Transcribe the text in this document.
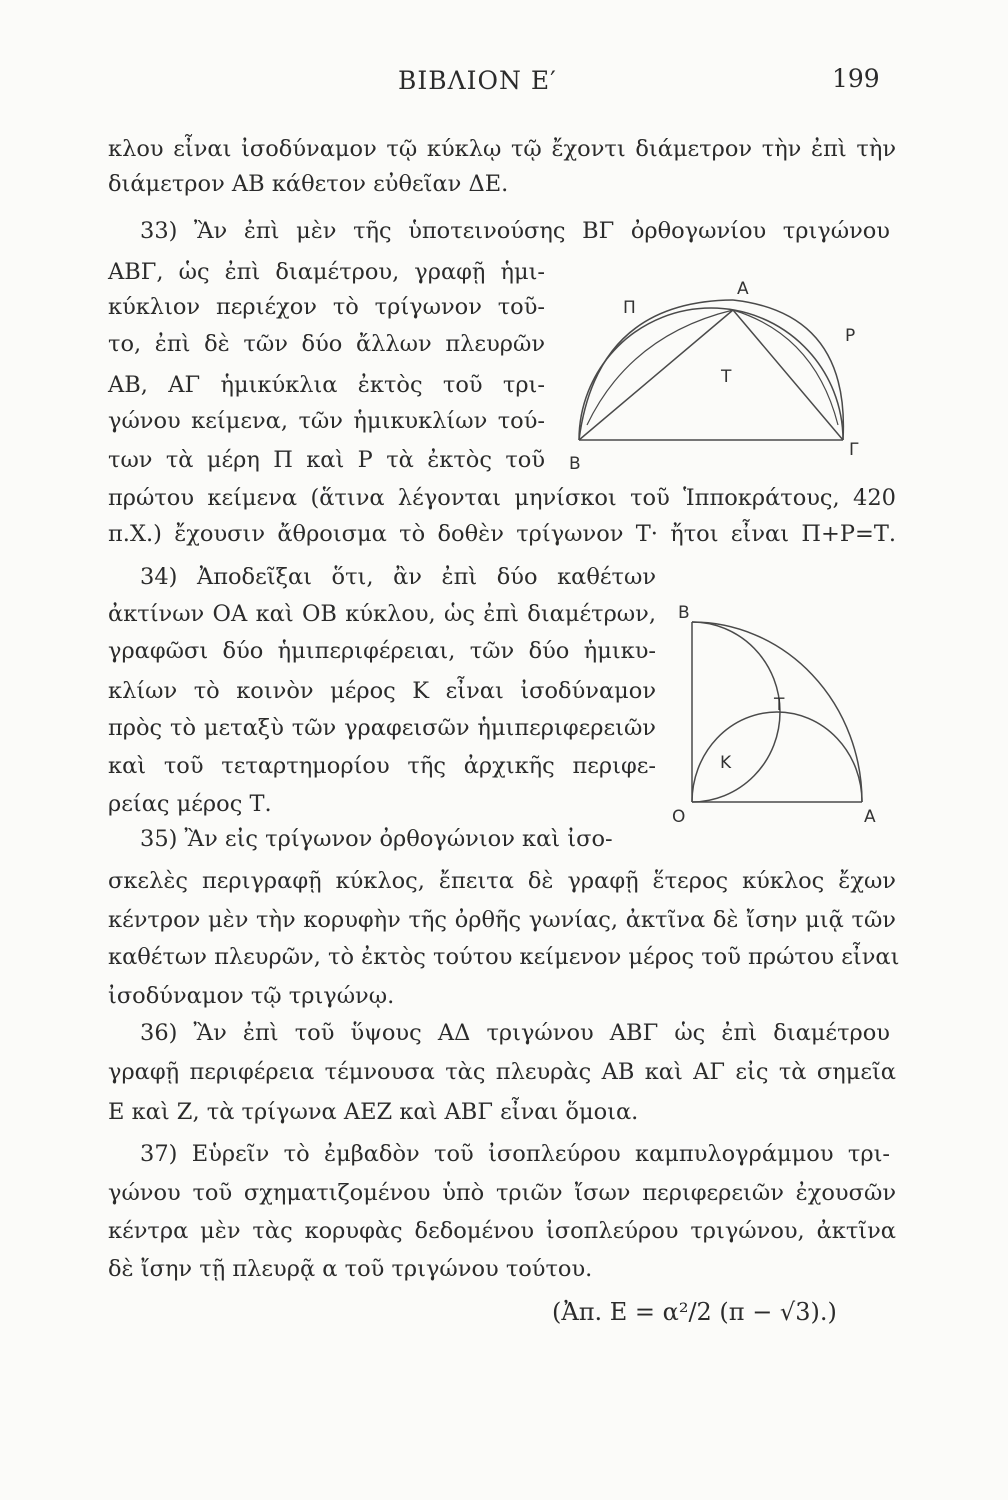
ΒΙΒΛΙΟΝ Ε′	199
κλου εἶναι ἰσοδύναμον τῷ κύκλῳ τῷ ἔχοντι διάμετρον τὴν ἐπὶ τὴν
διάμετρον ΑΒ κάθετον εὐθεῖαν ΔΕ.
33) Ἂν ἐπὶ μὲν τῆς ὑποτεινούσης ΒΓ ὀρθογωνίου τριγώνου
ΑΒΓ, ὡς ἐπὶ διαμέτρου, γραφῇ ἡμι-
κύκλιον περιέχον τὸ τρίγωνον τοῦ-
το, ἐπὶ δὲ τῶν δύο ἄλλων πλευρῶν
ΑΒ, ΑΓ ἡμικύκλια ἐκτὸς τοῦ τρι-
γώνου κείμενα, τῶν ἡμικυκλίων τού-
των τὰ μέρη Π καὶ Ρ τὰ ἐκτὸς τοῦ
πρώτου κείμενα (ἅτινα λέγονται μηνίσκοι τοῦ Ἱπποκράτους, 420
π.Χ.) ἔχουσιν ἄθροισμα τὸ δοθὲν τρίγωνον Τ· ἤτοι εἶναι Π+Ρ=Τ.
34) Ἀποδεῖξαι ὅτι, ἂν ἐπὶ δύο καθέτων
ἀκτίνων ΟΑ καὶ ΟΒ κύκλου, ὡς ἐπὶ διαμέτρων,
γραφῶσι δύο ἡμιπεριφέρειαι, τῶν δύο ἡμικυ-
κλίων τὸ κοινὸν μέρος Κ εἶναι ἰσοδύναμον
πρὸς τὸ μεταξὺ τῶν γραφεισῶν ἡμιπεριφερειῶν
καὶ τοῦ τεταρτημορίου τῆς ἀρχικῆς περιφε-
ρείας μέρος Τ.
35) Ἂν εἰς τρίγωνον ὀρθογώνιον καὶ ἰσο-
σκελὲς περιγραφῇ κύκλος, ἔπειτα δὲ γραφῇ ἕτερος κύκλος ἔχων
κέντρον μὲν τὴν κορυφὴν τῆς ὀρθῆς γωνίας, ἀκτῖνα δὲ ἴσην μιᾷ τῶν
καθέτων πλευρῶν, τὸ ἐκτὸς τούτου κείμενον μέρος τοῦ πρώτου εἶναι
ἰσοδύναμον τῷ τριγώνῳ.
36) Ἂν ἐπὶ τοῦ ὕψους ΑΔ τριγώνου ΑΒΓ ὡς ἐπὶ διαμέτρου
γραφῇ περιφέρεια τέμνουσα τὰς πλευρὰς ΑΒ καὶ ΑΓ εἰς τὰ σημεῖα
Ε καὶ Ζ, τὰ τρίγωνα ΑΕΖ καὶ ΑΒΓ εἶναι ὅμοια.
37) Εὑρεῖν τὸ ἐμβαδὸν τοῦ ἰσοπλεύρου καμπυλογράμμου τρι-
γώνου τοῦ σχηματιζομένου ὑπὸ τριῶν ἴσων περιφερειῶν ἐχουσῶν
κέντρα μὲν τὰς κορυφὰς δεδομένου ἰσοπλεύρου τριγώνου, ἀκτῖνα
δὲ ἴσην τῇ πλευρᾷ α τοῦ τριγώνου τούτου.
(Ἀπ. Ε = α²/2 (π − √3).)
Π
Α
Ρ
Τ
Β
Γ
Β
Τ
Κ
Ο	Α
